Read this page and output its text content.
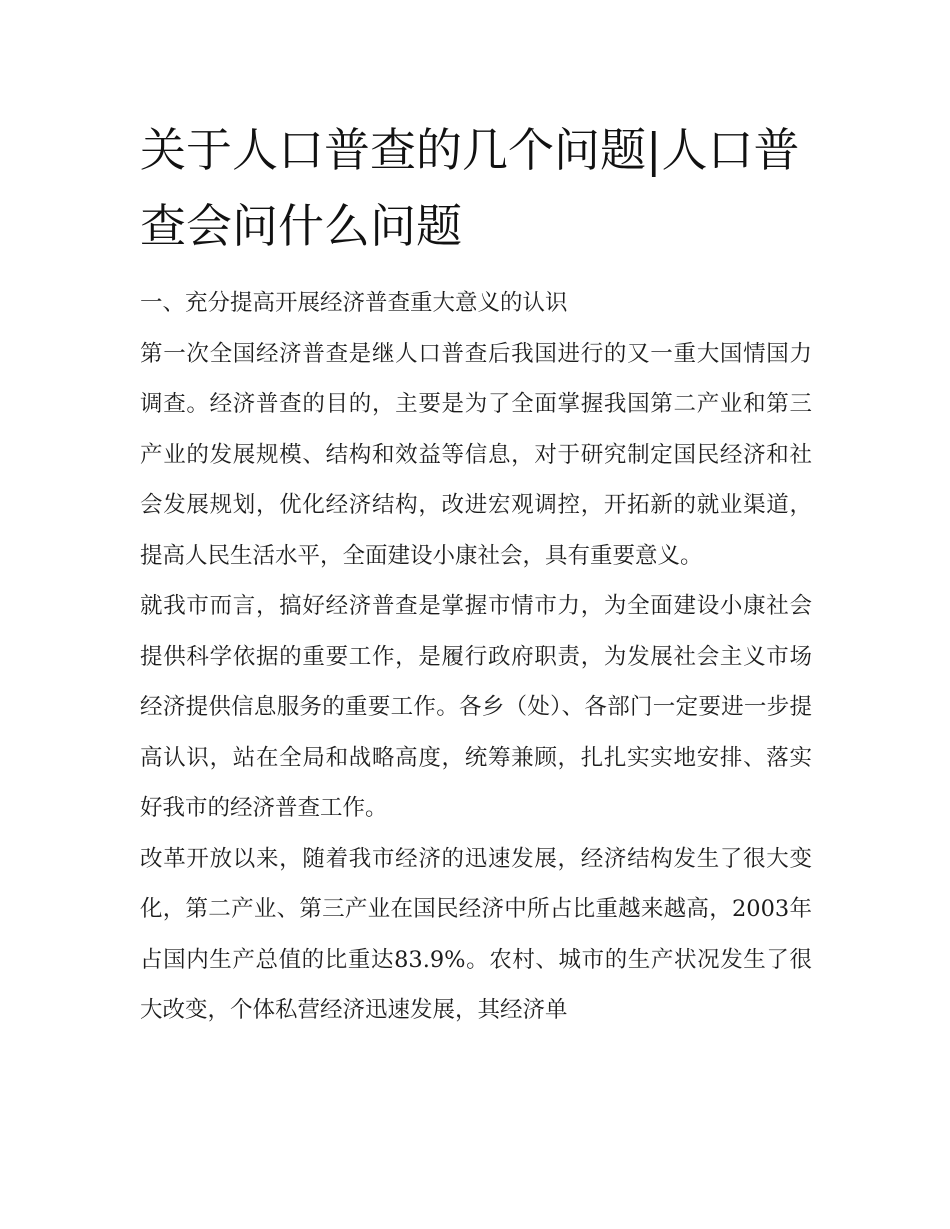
关于人口普查的几个问题|人口普查会问什么问题

一、充分提高开展经济普查重大意义的认识

第一次全国经济普查是继人口普查后我国进行的又一重大国情国力调查。经济普查的目的，主要是为了全面掌握我国第二产业和第三产业的发展规模、结构和效益等信息，对于研究制定国民经济和社会发展规划，优化经济结构，改进宏观调控，开拓新的就业渠道，提高人民生活水平，全面建设小康社会，具有重要意义。

就我市而言，搞好经济普查是掌握市情市力，为全面建设小康社会提供科学依据的重要工作，是履行政府职责，为发展社会主义市场经济提供信息服务的重要工作。各乡（处）、各部门一定要进一步提高认识，站在全局和战略高度，统筹兼顾，扎扎实实地安排、落实好我市的经济普查工作。

改革开放以来，随着我市经济的迅速发展，经济结构发生了很大变化，第二产业、第三产业在国民经济中所占比重越来越高，2003年占国内生产总值的比重达83.9%。农村、城市的生产状况发生了很大改变，个体私营经济迅速发展，其经济单
